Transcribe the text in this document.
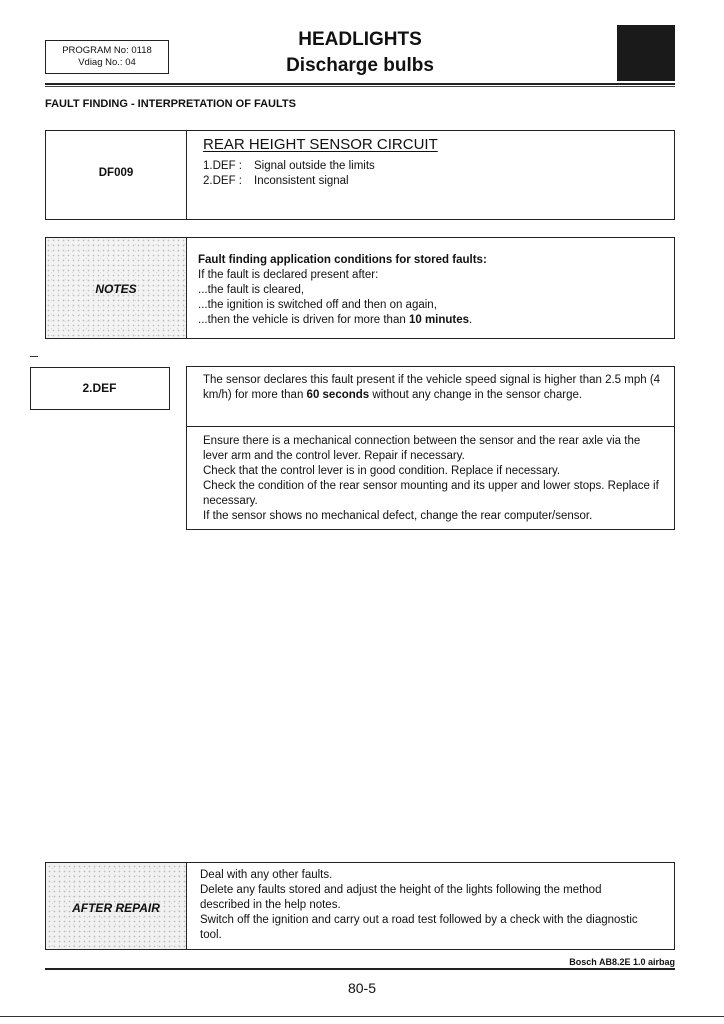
PROGRAM No: 0118
Vdiag No.: 04
HEADLIGHTS
Discharge bulbs
FAULT FINDING - INTERPRETATION OF FAULTS
DF009
REAR HEIGHT SENSOR CIRCUIT
1.DEF : Signal outside the limits
2.DEF : Inconsistent signal
NOTES
Fault finding application conditions for stored faults:
If the fault is declared present after:
...the fault is cleared,
...the ignition is switched off and then on again,
...then the vehicle is driven for more than 10 minutes.
2.DEF
The sensor declares this fault present if the vehicle speed signal is higher than 2.5 mph (4 km/h) for more than 60 seconds without any change in the sensor charge.
Ensure there is a mechanical connection between the sensor and the rear axle via the lever arm and the control lever. Repair if necessary.
Check that the control lever is in good condition. Replace if necessary.
Check the condition of the rear sensor mounting and its upper and lower stops. Replace if necessary.
If the sensor shows no mechanical defect, change the rear computer/sensor.
AFTER REPAIR
Deal with any other faults.
Delete any faults stored and adjust the height of the lights following the method
described in the help notes.
Switch off the ignition and carry out a road test followed by a check with the diagnostic
tool.
Bosch AB8.2E 1.0 airbag
80-5
